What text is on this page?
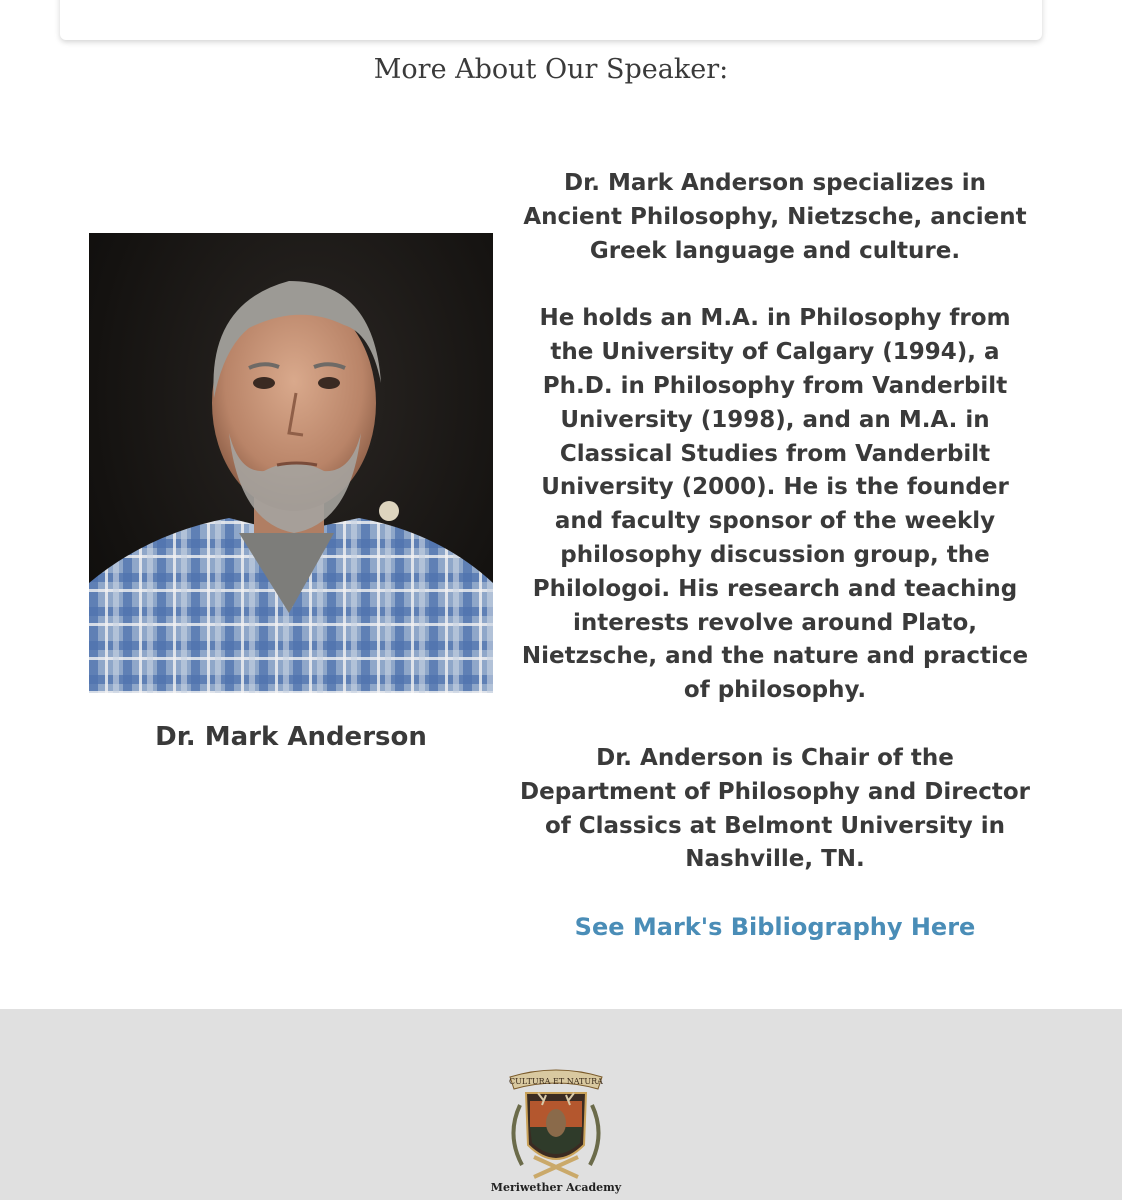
More About Our Speaker:
Dr. Mark Anderson

Dr. Mark Anderson specializes in Ancient Philosophy, Nietzsche, ancient Greek language and culture.

He holds an M.A. in Philosophy from the University of Calgary (1994), a Ph.D. in Philosophy from Vanderbilt University (1998), and an M.A. in Classical Studies from Vanderbilt University (2000). He is the founder and faculty sponsor of the weekly philosophy discussion group, the Philologoi. His research and teaching interests revolve around Plato, Nietzsche, and the nature and practice of philosophy.

Dr. Anderson is Chair of the Department of Philosophy and Director of Classics at Belmont University in Nashville, TN.

See Mark's Bibliography Here

CULTURA ET NATURA
Meriwether Academy
